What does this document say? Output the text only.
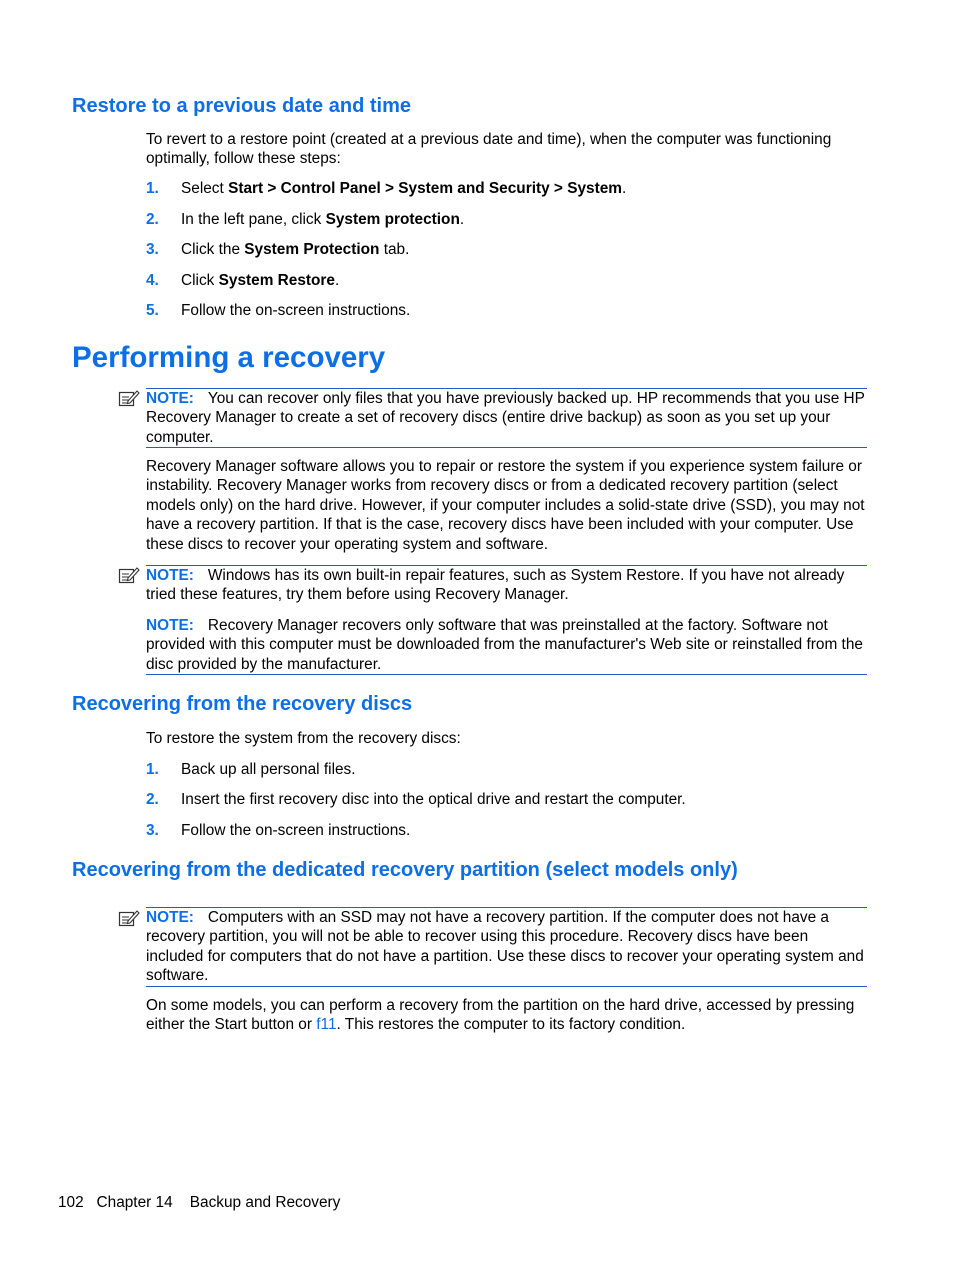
Restore to a previous date and time

To revert to a restore point (created at a previous date and time), when the computer was functioning optimally, follow these steps:

1. Select Start > Control Panel > System and Security > System.
2. In the left pane, click System protection.
3. Click the System Protection tab.
4. Click System Restore.
5. Follow the on-screen instructions.
Performing a recovery

NOTE: You can recover only files that you have previously backed up. HP recommends that you use HP Recovery Manager to create a set of recovery discs (entire drive backup) as soon as you set up your computer.

Recovery Manager software allows you to repair or restore the system if you experience system failure or instability. Recovery Manager works from recovery discs or from a dedicated recovery partition (select models only) on the hard drive. However, if your computer includes a solid-state drive (SSD), you may not have a recovery partition. If that is the case, recovery discs have been included with your computer. Use these discs to recover your operating system and software.

NOTE: Windows has its own built-in repair features, such as System Restore. If you have not already tried these features, try them before using Recovery Manager.

NOTE: Recovery Manager recovers only software that was preinstalled at the factory. Software not provided with this computer must be downloaded from the manufacturer's Web site or reinstalled from the disc provided by the manufacturer.

Recovering from the recovery discs

To restore the system from the recovery discs:

1. Back up all personal files.
2. Insert the first recovery disc into the optical drive and restart the computer.
3. Follow the on-screen instructions.
Recovering from the dedicated recovery partition (select models only)

NOTE: Computers with an SSD may not have a recovery partition. If the computer does not have a recovery partition, you will not be able to recover using this procedure. Recovery discs have been included for computers that do not have a partition. Use these discs to recover your operating system and software.

On some models, you can perform a recovery from the partition on the hard drive, accessed by pressing either the Start button or f11. This restores the computer to its factory condition.

102 Chapter 14 Backup and Recovery
